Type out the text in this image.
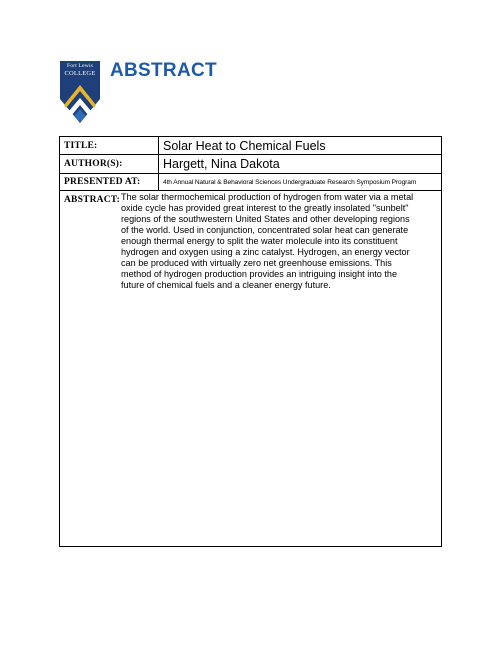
Fort Lewis
COLLEGE ABSTRACT
TITLE:	Solar Heat to Chemical Fuels
AUTHOR(S):	Hargett, Nina Dakota
PRESENTED AT:	4th Annual Natural & Behavioral Sciences Undergraduate Research Symposium Program
ABSTRACT: The solar thermochemical production of hydrogen from water via a metal
oxide cycle has provided great interest to the greatly insolated "sunbelt"
regions of the southwestern United States and other developing regions
of the world. Used in conjunction, concentrated solar heat can generate
enough thermal energy to split the water molecule into its constituent
hydrogen and oxygen using a zinc catalyst. Hydrogen, an energy vector
can be produced with virtually zero net greenhouse emissions. This
method of hydrogen production provides an intriguing insight into the
future of chemical fuels and a cleaner energy future.
